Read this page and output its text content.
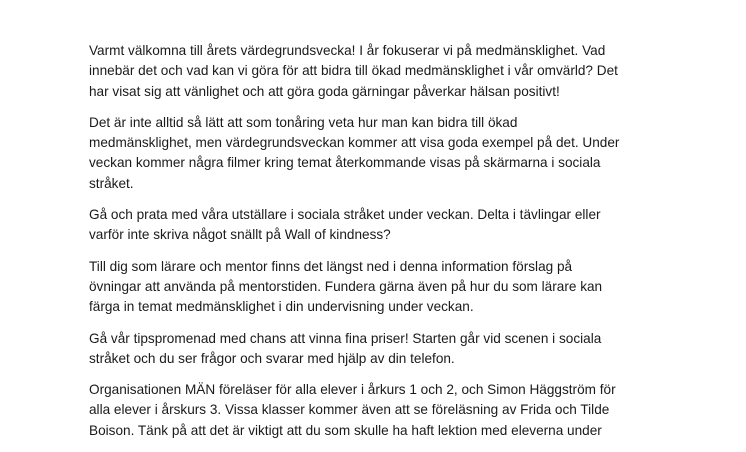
Varmt välkomna till årets värdegrundsvecka! I år fokuserar vi på medmänsklighet. Vad
innebär det och vad kan vi göra för att bidra till ökad medmänsklighet i vår omvärld? Det
har visat sig att vänlighet och att göra goda gärningar påverkar hälsan positivt!

Det är inte alltid så lätt att som tonåring veta hur man kan bidra till ökad
medmänsklighet, men värdegrundsveckan kommer att visa goda exempel på det. Under
veckan kommer några filmer kring temat återkommande visas på skärmarna i sociala
stråket.

Gå och prata med våra utställare i sociala stråket under veckan. Delta i tävlingar eller
varför inte skriva något snällt på Wall of kindness?

Till dig som lärare och mentor finns det längst ned i denna information förslag på
övningar att använda på mentorstiden. Fundera gärna även på hur du som lärare kan
färga in temat medmänsklighet i din undervisning under veckan.

Gå vår tipspromenad med chans att vinna fina priser! Starten går vid scenen i sociala
stråket och du ser frågor och svarar med hjälp av din telefon.

Organisationen MÄN föreläser för alla elever i årkurs 1 och 2, och Simon Häggström för
alla elever i årskurs 3. Vissa klasser kommer även att se föreläsning av Frida och Tilde
Boison. Tänk på att det är viktigt att du som skulle ha haft lektion med eleverna under
